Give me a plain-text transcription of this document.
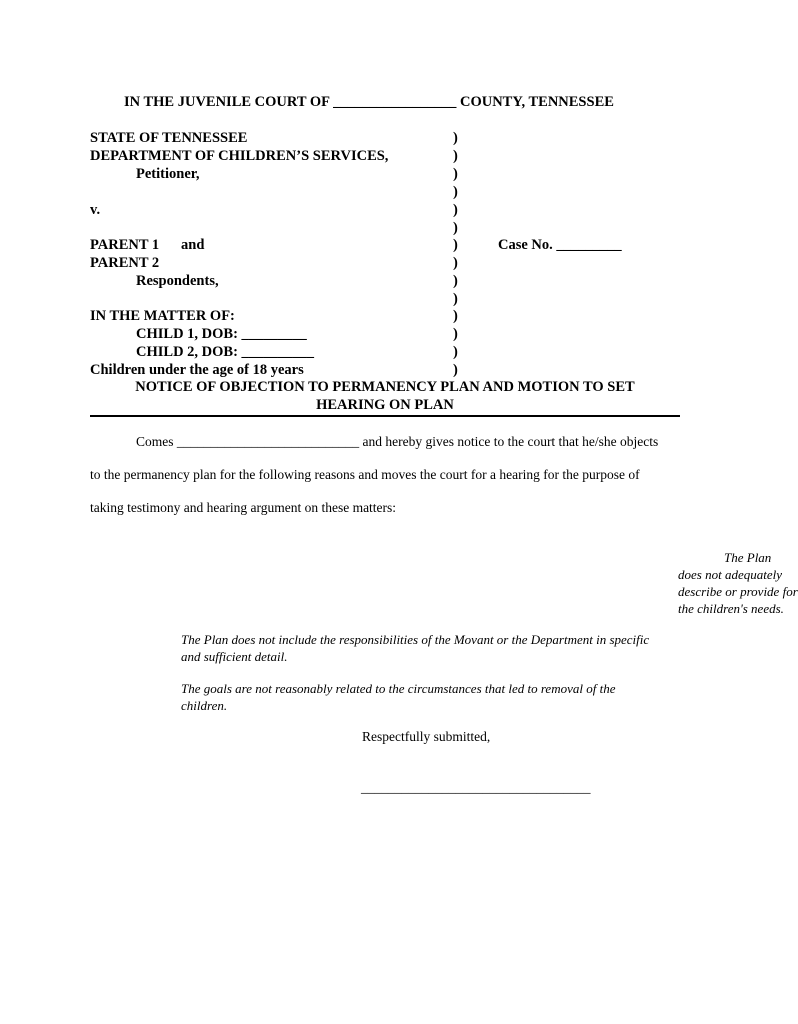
IN THE JUVENILE COURT OF _________________ COUNTY, TENNESSEE
STATE OF TENNESSEE
DEPARTMENT OF CHILDREN’S SERVICES,
Petitioner,
v.
PARENT 1 and
PARENT 2
Respondents,
IN THE MATTER OF:
CHILD 1, DOB: _________
CHILD 2, DOB: __________
Children under the age of 18 years
)
)
)
)
)
)
)
)
)
)
)
)
)
)
Case No. _________
NOTICE OF OBJECTION TO PERMANENCY PLAN AND MOTION TO SET
HEARING ON PLAN
Comes ___________________________ and hereby gives notice to the court that he/she objects
to the permanency plan for the following reasons and moves the court for a hearing for the purpose of
taking testimony and hearing argument on these matters:
The Plan does not adequately describe or provide for the children's needs.
The Plan does not include the responsibilities of the Movant or the Department in specific and sufficient detail.
The goals are not reasonably related to the circumstances that led to removal of the children.
Respectfully submitted,
__________________________________
